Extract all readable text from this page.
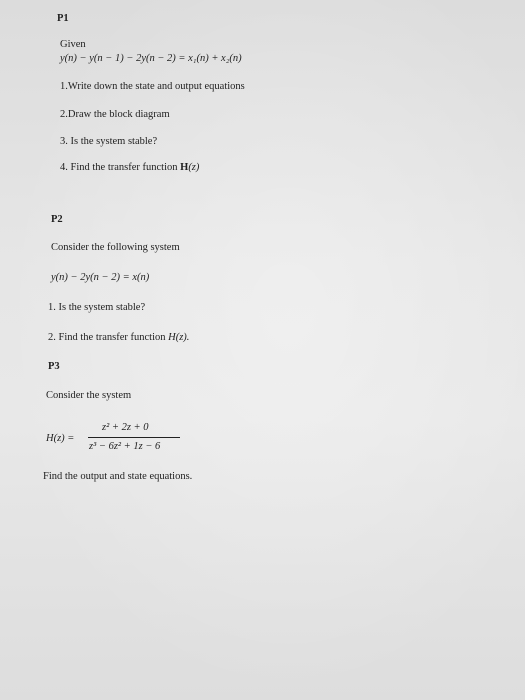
P1
Given
y(n) − y(n − 1) − 2y(n − 2) = x₁(n) + x₂(n)
1.Write down the state and output equations
2.Draw the block diagram
3. Is the system stable?
4. Find the transfer function H(z)
P2
Consider the following system
y(n) − 2y(n − 2) = x(n)
1. Is the system stable?
2. Find the transfer function H(z).
P3
Consider the system
H(z) =
z² + 2z + 0
z³ − 6z² + 1z − 6
Find the output and state equations.
